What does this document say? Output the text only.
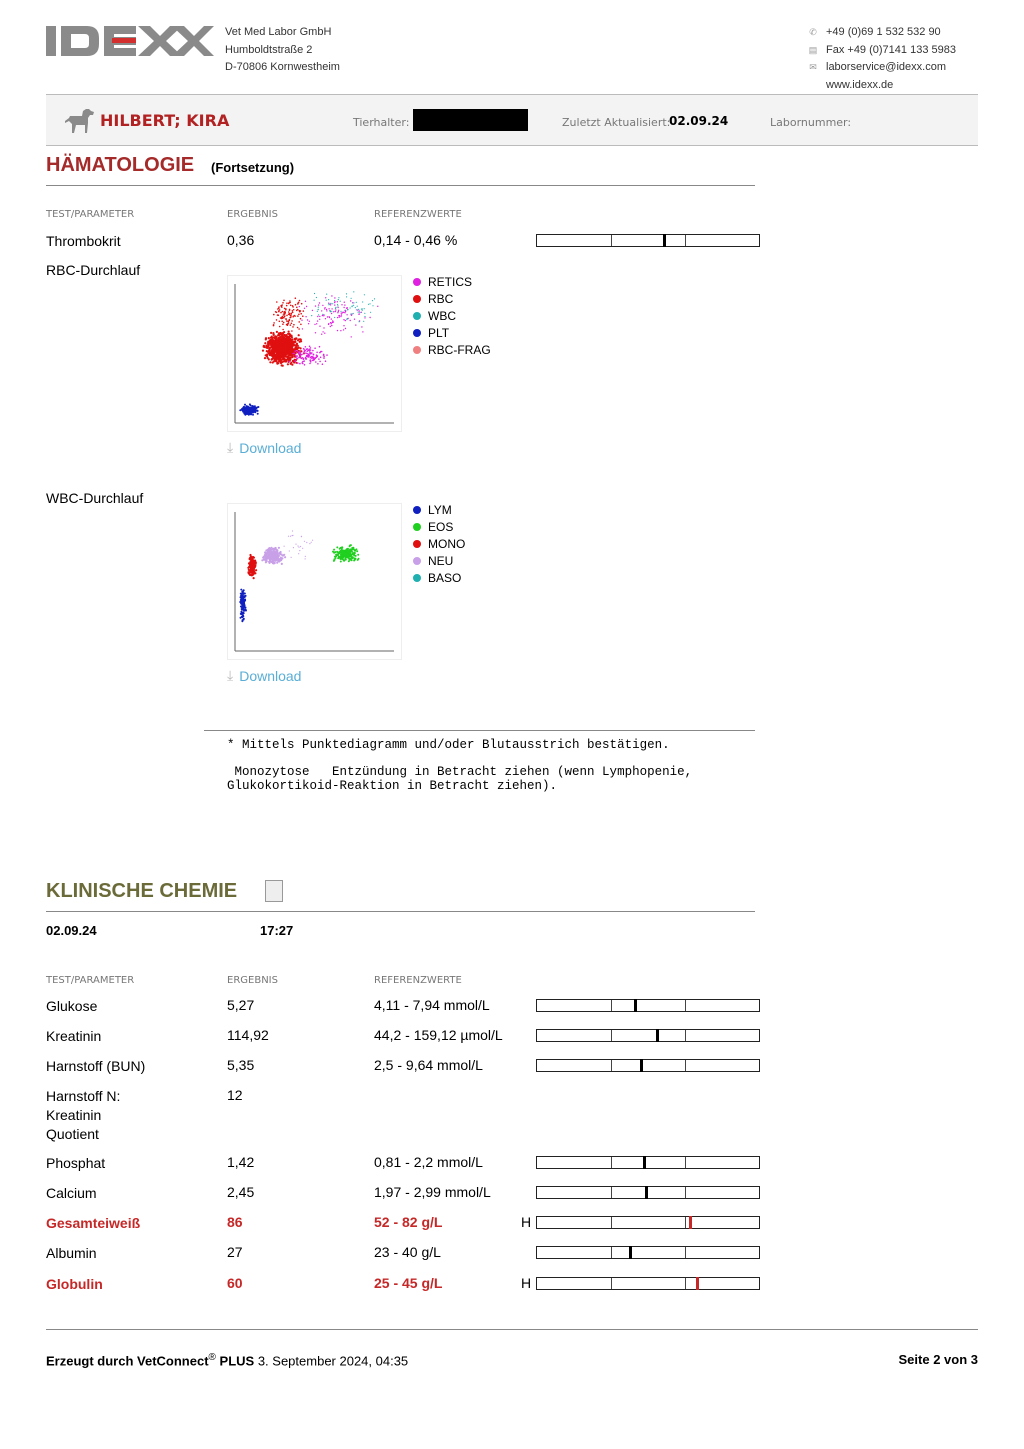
Vet Med Labor GmbH
Humboldtstraße 2
D-70806 Kornwestheim
✆ +49 (0)69 1 532 532 90
▤ Fax +49 (0)7141 133 5983
✉ laborservice@idexx.com
www.idexx.de
HILBERT; KIRA	Tierhalter:	Zuletzt Aktualisiert:
02.09.24	Labornummer:
HÄMATOLOGIE (Fortsetzung)
TEST/PARAMETER	ERGEBNIS	REFERENZWERTE
Thrombokrit	0,36	0,14 - 0,46 %
RBC-Durchlauf
RETICS
RBC
WBC
PLT
RBC-FRAG
⤓ Download
WBC-Durchlauf
LYM
EOS
MONO
NEU
BASO
⤓ Download
* Mittels Punktediagramm und/oder Blutausstrich bestätigen.
Monozytose   Entzündung in Betracht ziehen (wenn Lymphopenie,
Glukokortikoid-Reaktion in Betracht ziehen).
KLINISCHE CHEMIE
02.09.24	17:27
TEST/PARAMETER	ERGEBNIS	REFERENZWERTE
Glukose	5,27	4,11 - 7,94 mmol/L
Kreatinin	114,92	44,2 - 159,12 µmol/L
Harnstoff (BUN)	5,35	2,5 - 9,64 mmol/L
Harnstoff N:
Kreatinin
Quotient
12
Phosphat	1,42	0,81 - 2,2 mmol/L
Calcium	2,45	1,97 - 2,99 mmol/L
Gesamteiweiß	86	52 - 82 g/L	H
Albumin	27	23 - 40 g/L
Globulin	60	25 - 45 g/L	H
Erzeugt durch VetConnect® PLUS 3. September 2024, 04:35	Seite 2 von 3
